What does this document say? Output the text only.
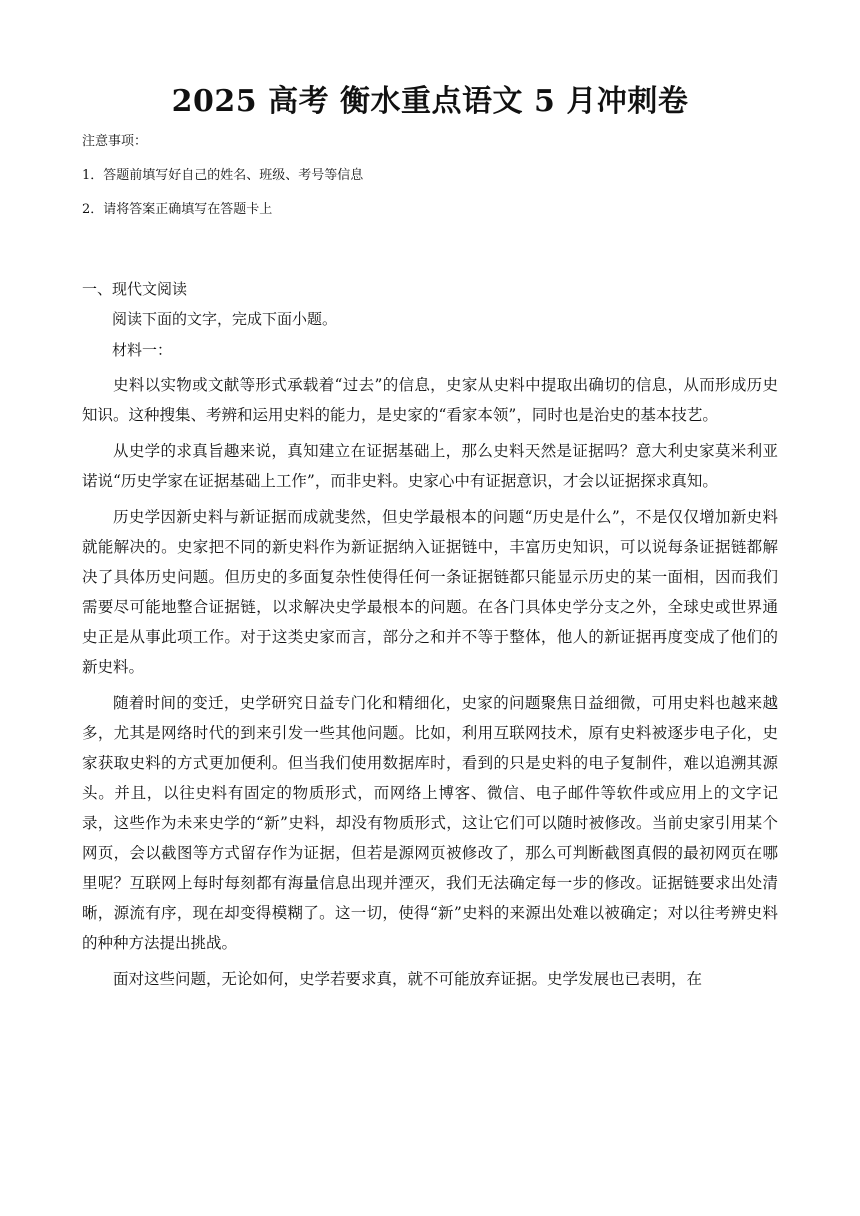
2025 高考 衡水重点语文 5 月冲刺卷
注意事项：
1．答题前填写好自己的姓名、班级、考号等信息
2．请将答案正确填写在答题卡上
一、现代文阅读
阅读下面的文字，完成下面小题。
材料一：

史料以实物或文献等形式承载着“过去”的信息，史家从史料中提取出确切的信息，从而形成历史知识。这种搜集、考辨和运用史料的能力，是史家的“看家本领”，同时也是治史的基本技艺。

从史学的求真旨趣来说，真知建立在证据基础上，那么史料天然是证据吗？意大利史家莫米利亚诺说“历史学家在证据基础上工作”，而非史料。史家心中有证据意识，才会以证据探求真知。

历史学因新史料与新证据而成就斐然，但史学最根本的问题“历史是什么”，不是仅仅增加新史料就能解决的。史家把不同的新史料作为新证据纳入证据链中，丰富历史知识，可以说每条证据链都解决了具体历史问题。但历史的多面复杂性使得任何一条证据链都只能显示历史的某一面相，因而我们需要尽可能地整合证据链，以求解决史学最根本的问题。在各门具体史学分支之外，全球史或世界通史正是从事此项工作。对于这类史家而言，部分之和并不等于整体，他人的新证据再度变成了他们的新史料。

随着时间的变迁，史学研究日益专门化和精细化，史家的问题聚焦日益细微，可用史料也越来越多，尤其是网络时代的到来引发一些其他问题。比如，利用互联网技术，原有史料被逐步电子化，史家获取史料的方式更加便利。但当我们使用数据库时，看到的只是史料的电子复制件，难以追溯其源头。并且，以往史料有固定的物质形式，而网络上博客、微信、电子邮件等软件或应用上的文字记录，这些作为未来史学的“新”史料，却没有物质形式，这让它们可以随时被修改。当前史家引用某个网页，会以截图等方式留存作为证据，但若是源网页被修改了，那么可判断截图真假的最初网页在哪里呢？互联网上每时每刻都有海量信息出现并湮灭，我们无法确定每一步的修改。证据链要求出处清晰，源流有序，现在却变得模糊了。这一切，使得“新”史料的来源出处难以被确定；对以往考辨史料的种种方法提出挑战。

面对这些问题，无论如何，史学若要求真，就不可能放弃证据。史学发展也已表明，在
